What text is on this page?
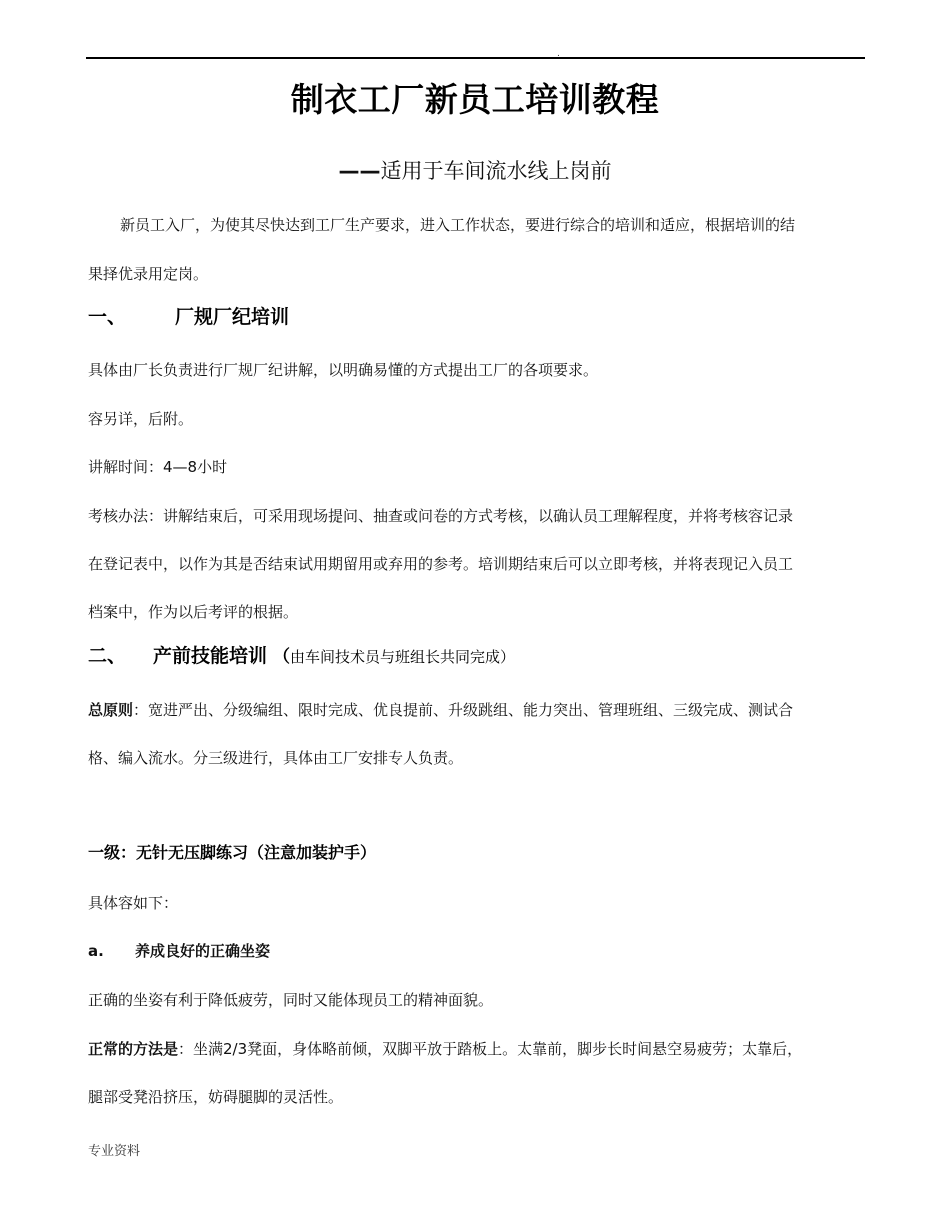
.
制衣工厂新员工培训教程
——适用于车间流水线上岗前
新员工入厂，为使其尽快达到工厂生产要求，进入工作状态，要进行综合的培训和适应，根据培训的结
果择优录用定岗。
一、	厂规厂纪培训
具体由厂长负责进行厂规厂纪讲解，以明确易懂的方式提出工厂的各项要求。
容另详，后附。
讲解时间：4—8小时
考核办法：讲解结束后，可采用现场提问、抽查或问卷的方式考核，以确认员工理解程度，并将考核容记录
在登记表中，以作为其是否结束试用期留用或弃用的参考。培训期结束后可以立即考核，并将表现记入员工
档案中，作为以后考评的根据。
二、 产前技能培训 （由车间技术员与班组长共同完成）
总原则：宽进严出、分级编组、限时完成、优良提前、升级跳组、能力突出、管理班组、三级完成、测试合
格、编入流水。分三级进行，具体由工厂安排专人负责。
一级：无针无压脚练习（注意加装护手）
具体容如下：
a. 养成良好的正确坐姿
正确的坐姿有利于降低疲劳，同时又能体现员工的精神面貌。
正常的方法是：坐满2/3凳面，身体略前倾，双脚平放于踏板上。太靠前，脚步长时间悬空易疲劳；太靠后，
腿部受凳沿挤压，妨碍腿脚的灵活性。
专业资料
